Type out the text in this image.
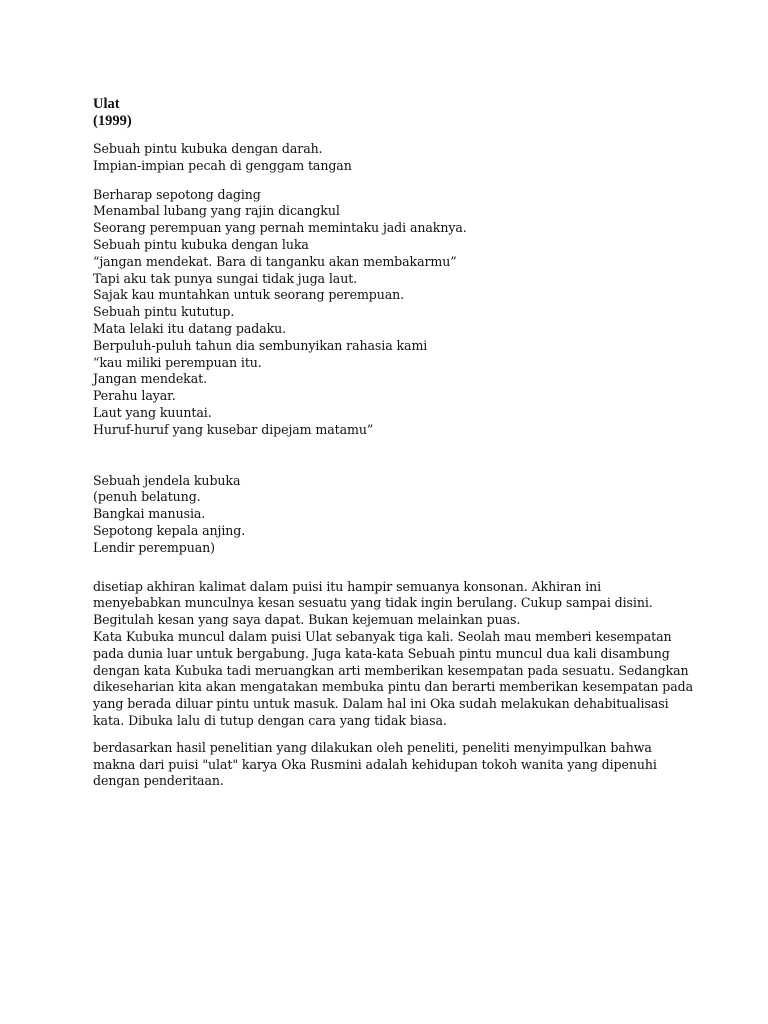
Ulat
(1999)
Sebuah pintu kubuka dengan darah.
Impian-impian pecah di genggam tangan
Berharap sepotong daging
Menambal lubang yang rajin dicangkul
Seorang perempuan yang pernah memintaku jadi anaknya.
Sebuah pintu kubuka dengan luka
“jangan mendekat. Bara di tanganku akan membakarmu”
Tapi aku tak punya sungai tidak juga laut.
Sajak kau muntahkan untuk seorang perempuan.
Sebuah pintu kututup.
Mata lelaki itu datang padaku.
Berpuluh-puluh tahun dia sembunyikan rahasia kami
“kau miliki perempuan itu.
Jangan mendekat.
Perahu layar.
Laut yang kuuntai.
Huruf-huruf yang kusebar dipejam matamu”
Sebuah jendela kubuka
(penuh belatung.
Bangkai manusia.
Sepotong kepala anjing.
Lendir perempuan)
disetiap akhiran kalimat dalam puisi itu hampir semuanya konsonan. Akhiran ini
menyebabkan munculnya kesan sesuatu yang tidak ingin berulang. Cukup sampai disini.
Begitulah kesan yang saya dapat. Bukan kejemuan melainkan puas.
Kata Kubuka muncul dalam puisi Ulat sebanyak tiga kali. Seolah mau memberi kesempatan
pada dunia luar untuk bergabung. Juga kata-kata Sebuah pintu muncul dua kali disambung
dengan kata Kubuka tadi meruangkan arti memberikan kesempatan pada sesuatu. Sedangkan
dikeseharian kita akan mengatakan membuka pintu dan berarti memberikan kesempatan pada
yang berada diluar pintu untuk masuk. Dalam hal ini Oka sudah melakukan dehabitualisasi
kata. Dibuka lalu di tutup dengan cara yang tidak biasa.
berdasarkan hasil penelitian yang dilakukan oleh peneliti, peneliti menyimpulkan bahwa
makna dari puisi "ulat" karya Oka Rusmini adalah kehidupan tokoh wanita yang dipenuhi
dengan penderitaan.
